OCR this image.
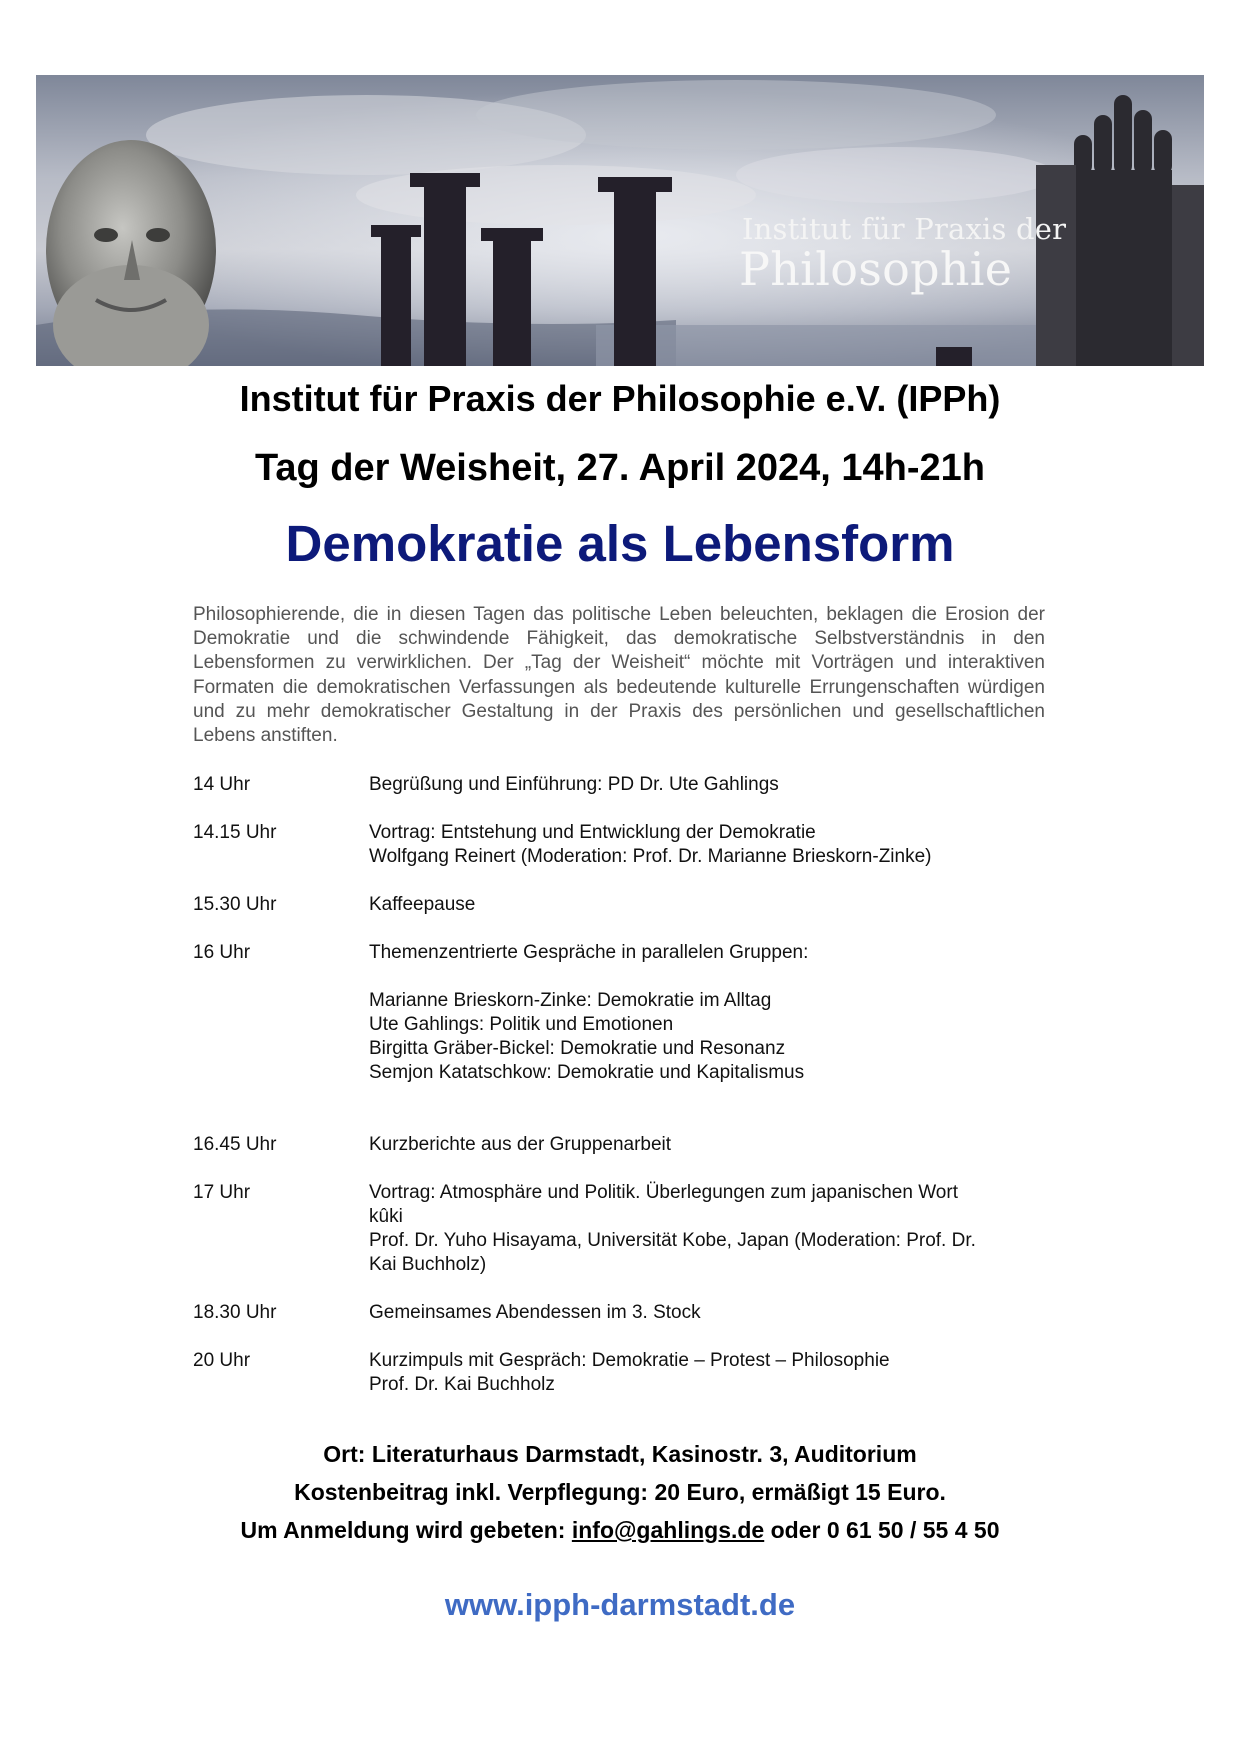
Institut für Praxis der
Philosophie
Institut für Praxis der Philosophie e.V. (IPPh)
Tag der Weisheit, 27. April 2024, 14h-21h
Demokratie als Lebensform
Philosophierende, die in diesen Tagen das politische Leben beleuchten, beklagen die Erosion der Demokratie und die schwindende Fähigkeit, das demokratische Selbstverständnis in den Lebensformen zu verwirklichen. Der „Tag der Weisheit“ möchte mit Vorträgen und interaktiven Formaten die demokratischen Verfassungen als bedeutende kulturelle Errungenschaften würdigen und zu mehr demokratischer Gestaltung in der Praxis des persönlichen und gesellschaftlichen Lebens anstiften.
14 Uhr	Begrüßung und Einführung: PD Dr. Ute Gahlings
14.15 Uhr	Vortrag: Entstehung und Entwicklung der Demokratie
Wolfgang Reinert (Moderation: Prof. Dr. Marianne Brieskorn-Zinke)
15.30 Uhr	Kaffeepause
16 Uhr	Themenzentrierte Gespräche in parallelen Gruppen:
Marianne Brieskorn-Zinke: Demokratie im Alltag
Ute Gahlings: Politik und Emotionen
Birgitta Gräber-Bickel: Demokratie und Resonanz
Semjon Katatschkow: Demokratie und Kapitalismus
16.45 Uhr	Kurzberichte aus der Gruppenarbeit
17 Uhr	Vortrag: Atmosphäre und Politik. Überlegungen zum japanischen Wort
kûki
Prof. Dr. Yuho Hisayama, Universität Kobe, Japan (Moderation: Prof. Dr.
Kai Buchholz)
18.30 Uhr	Gemeinsames Abendessen im 3. Stock
20 Uhr	Kurzimpuls mit Gespräch: Demokratie – Protest – Philosophie
Prof. Dr. Kai Buchholz
Ort: Literaturhaus Darmstadt, Kasinostr. 3, Auditorium
Kostenbeitrag inkl. Verpflegung: 20 Euro, ermäßigt 15 Euro.
Um Anmeldung wird gebeten: info@gahlings.de oder 0 61 50 / 55 4 50
www.ipph-darmstadt.de
